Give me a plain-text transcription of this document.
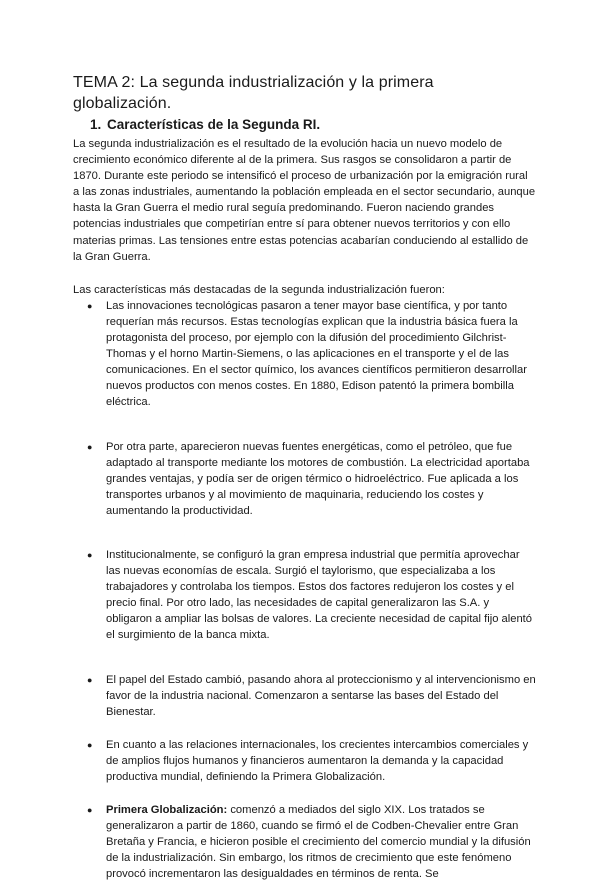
TEMA 2: La segunda industrialización y la primera globalización.
1. Características de la Segunda RI.

La segunda industrialización es el resultado de la evolución hacia un nuevo modelo de crecimiento económico diferente al de la primera. Sus rasgos se consolidaron a partir de 1870. Durante este periodo se intensificó el proceso de urbanización por la emigración rural a las zonas industriales, aumentando la población empleada en el sector secundario, aunque hasta la Gran Guerra el medio rural seguía predominando. Fueron naciendo grandes potencias industriales que competirían entre sí para obtener nuevos territorios y con ello materias primas. Las tensiones entre estas potencias acabarían conduciendo al estallido de la Gran Guerra.

Las características más destacadas de la segunda industrialización fueron:

● Las innovaciones tecnológicas pasaron a tener mayor base científica, y por tanto requerían más recursos. Estas tecnologías explican que la industria básica fuera la protagonista del proceso, por ejemplo con la difusión del procedimiento Gilchrist-Thomas y el horno Martin-Siemens, o las aplicaciones en el transporte y el de las comunicaciones. En el sector químico, los avances científicos permitieron desarrollar nuevos productos con menos costes. En 1880, Edison patentó la primera bombilla eléctrica.
● Por otra parte, aparecieron nuevas fuentes energéticas, como el petróleo, que fue adaptado al transporte mediante los motores de combustión. La electricidad aportaba grandes ventajas, y podía ser de origen térmico o hidroeléctrico. Fue aplicada a los transportes urbanos y al movimiento de maquinaria, reduciendo los costes y aumentando la productividad.
● Institucionalmente, se configuró la gran empresa industrial que permitía aprovechar las nuevas economías de escala. Surgió el taylorismo, que especializaba a los trabajadores y controlaba los tiempos. Estos dos factores redujeron los costes y el precio final. Por otro lado, las necesidades de capital generalizaron las S.A. y obligaron a ampliar las bolsas de valores. La creciente necesidad de capital fijo alentó el surgimiento de la banca mixta.
● El papel del Estado cambió, pasando ahora al proteccionismo y al intervencionismo en favor de la industria nacional. Comenzaron a sentarse las bases del Estado del Bienestar.
● En cuanto a las relaciones internacionales, los crecientes intercambios comerciales y de amplios flujos humanos y financieros aumentaron la demanda y la capacidad productiva mundial, definiendo la Primera Globalización.
● Primera Globalización: comenzó a mediados del siglo XIX. Los tratados se generalizaron a partir de 1860, cuando se firmó el de Codben-Chevalier entre Gran Bretaña y Francia, e hicieron posible el crecimiento del comercio mundial y la difusión de la industrialización. Sin embargo, los ritmos de crecimiento que este fenómeno provocó incrementaron las desigualdades en términos de renta. Se
